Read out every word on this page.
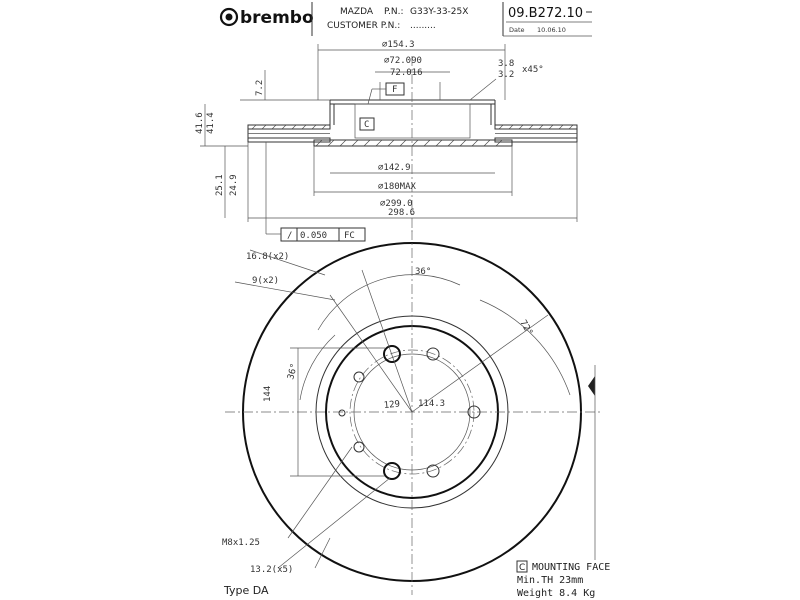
brembo	MAZDA P.N.: G33Y-33-25X
CUSTOMER P.N.: .........
09.B272.10
Date 10.06.10
⌀154.3
⌀72.090
72.016
3.8
3.2 x45°
F
C
7.2
41.6 41.4
25.1 24.9
⌀142.9
⌀180MAX
⌀299.0
298.6
/ 0.050 FC
16.8(x2)
9(x2)
36°
72°
36°
144
129 114.3
M8x1.25
13.2(x5)
Type DA
C MOUNTING FACE
Min.TH 23mm
Weight 8.4 Kg
